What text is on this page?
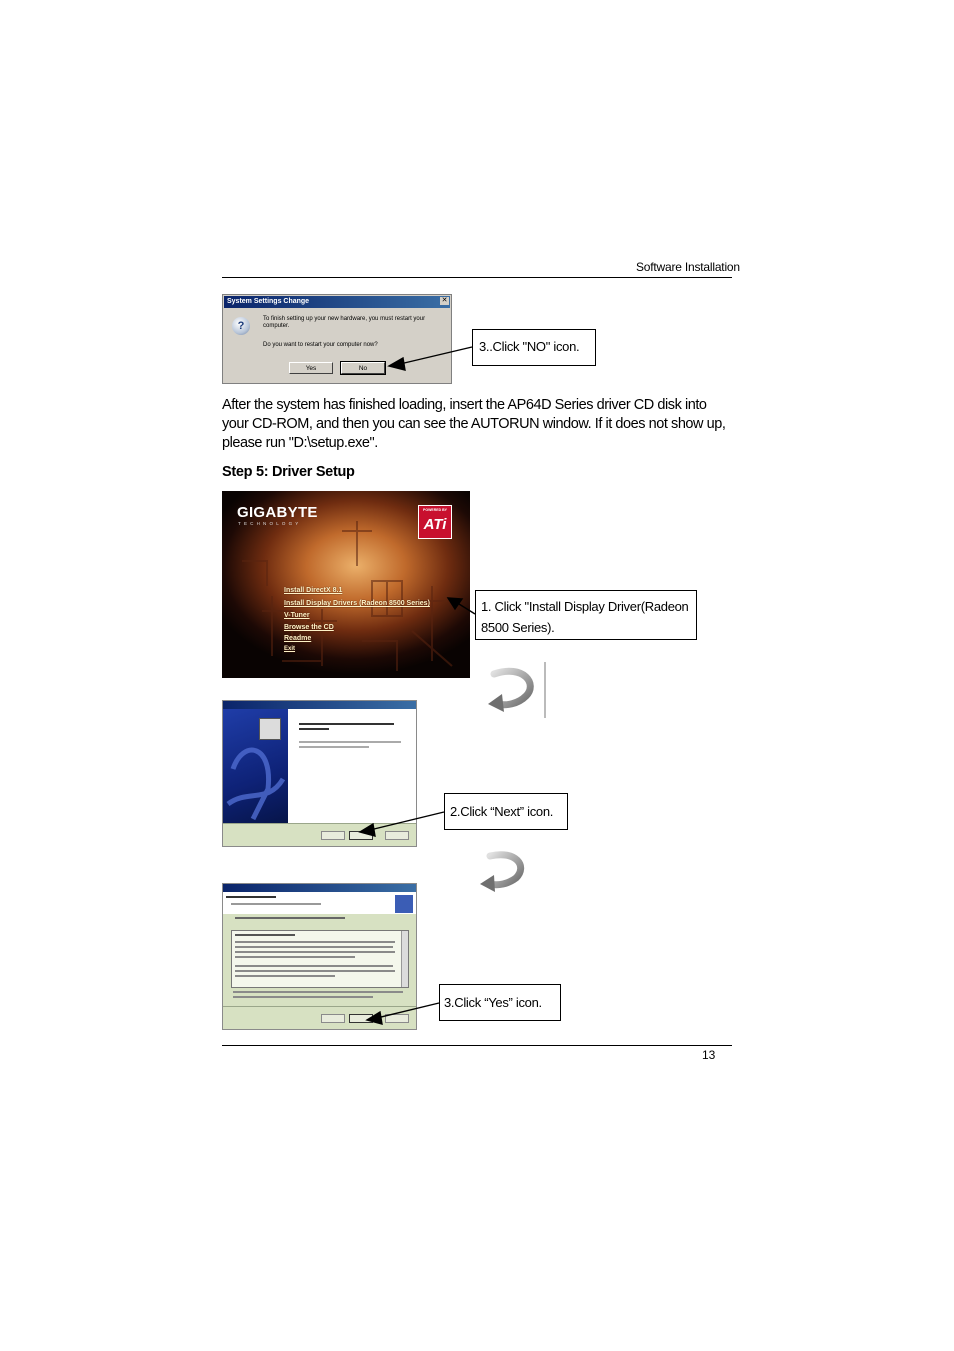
Software Installation
System Settings Change	✕
?
To finish setting up your new hardware, you must restart your computer.
Do you want to restart your computer now?
Yes	No
3..Click "NO" icon.
After the system has finished loading, insert the AP64D Series driver CD disk into your CD-ROM, and then you can see the AUTORUN window. If it does not show up, please run "D:\setup.exe".
Step 5: Driver Setup
GIGABYTE
TECHNOLOGY
POWERED BY
ATi
Install DirectX 8.1
Install Display Drivers (Radeon 8500 Series)
V-Tuner
Browse the CD
Readme
Exit
1. Click "Install Display Driver(Radeon
8500 Series).
2.Click “Next” icon.
3.Click “Yes” icon.
13
